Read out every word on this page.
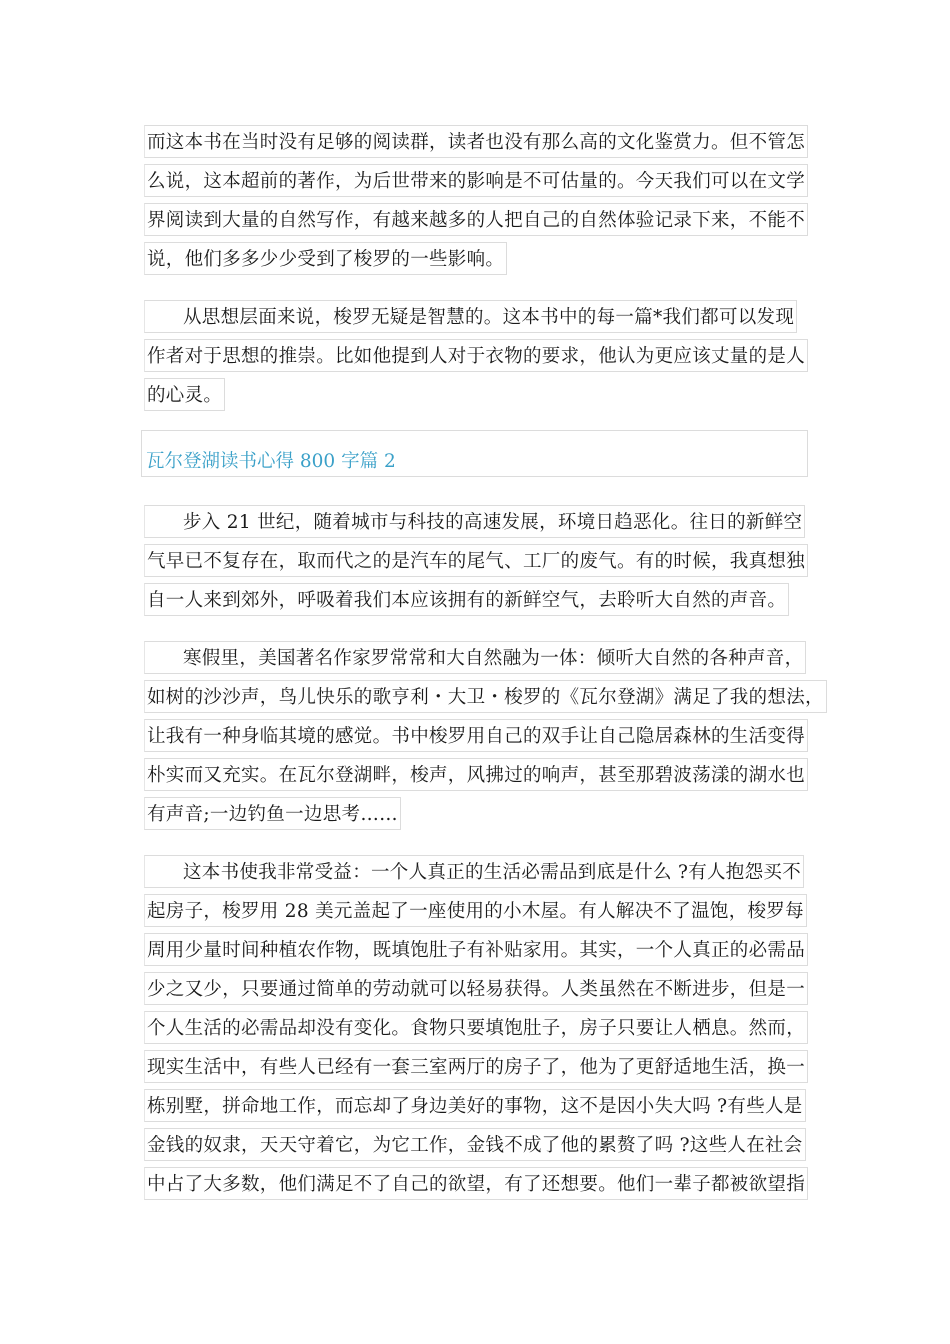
而这本书在当时没有足够的阅读群，读者也没有那么高的文化鉴赏力。但不管怎
么说，这本超前的著作，为后世带来的影响是不可估量的。今天我们可以在文学
界阅读到大量的自然写作，有越来越多的人把自己的自然体验记录下来，不能不
说，他们多多少少受到了梭罗的一些影响。
从思想层面来说，梭罗无疑是智慧的。这本书中的每一篇*我们都可以发现
作者对于思想的推崇。比如他提到人对于衣物的要求，他认为更应该丈量的是人
的心灵。
瓦尔登湖读书心得 800 字篇 2
步入 21 世纪，随着城市与科技的高速发展，环境日趋恶化。往日的新鲜空
气早已不复存在，取而代之的是汽车的尾气、工厂的废气。有的时候，我真想独
自一人来到郊外，呼吸着我们本应该拥有的新鲜空气，去聆听大自然的声音。
寒假里，美国著名作家罗常常和大自然融为一体：倾听大自然的各种声音，
如树的沙沙声，鸟儿快乐的歌亨利・大卫・梭罗的《瓦尔登湖》满足了我的想法，
让我有一种身临其境的感觉。书中梭罗用自己的双手让自己隐居森林的生活变得
朴实而又充实。在瓦尔登湖畔，梭声，风拂过的响声，甚至那碧波荡漾的湖水也
有声音;一边钓鱼一边思考……
这本书使我非常受益：一个人真正的生活必需品到底是什么 ?有人抱怨买不
起房子，梭罗用 28 美元盖起了一座使用的小木屋。有人解决不了温饱，梭罗每
周用少量时间种植农作物，既填饱肚子有补贴家用。其实，一个人真正的必需品
少之又少，只要通过简单的劳动就可以轻易获得。人类虽然在不断进步，但是一
个人生活的必需品却没有变化。食物只要填饱肚子，房子只要让人栖息。然而，
现实生活中，有些人已经有一套三室两厅的房子了，他为了更舒适地生活，换一
栋别墅，拼命地工作，而忘却了身边美好的事物，这不是因小失大吗 ?有些人是
金钱的奴隶，天天守着它，为它工作，金钱不成了他的累赘了吗 ?这些人在社会
中占了大多数，他们满足不了自己的欲望，有了还想要。他们一辈子都被欲望指
